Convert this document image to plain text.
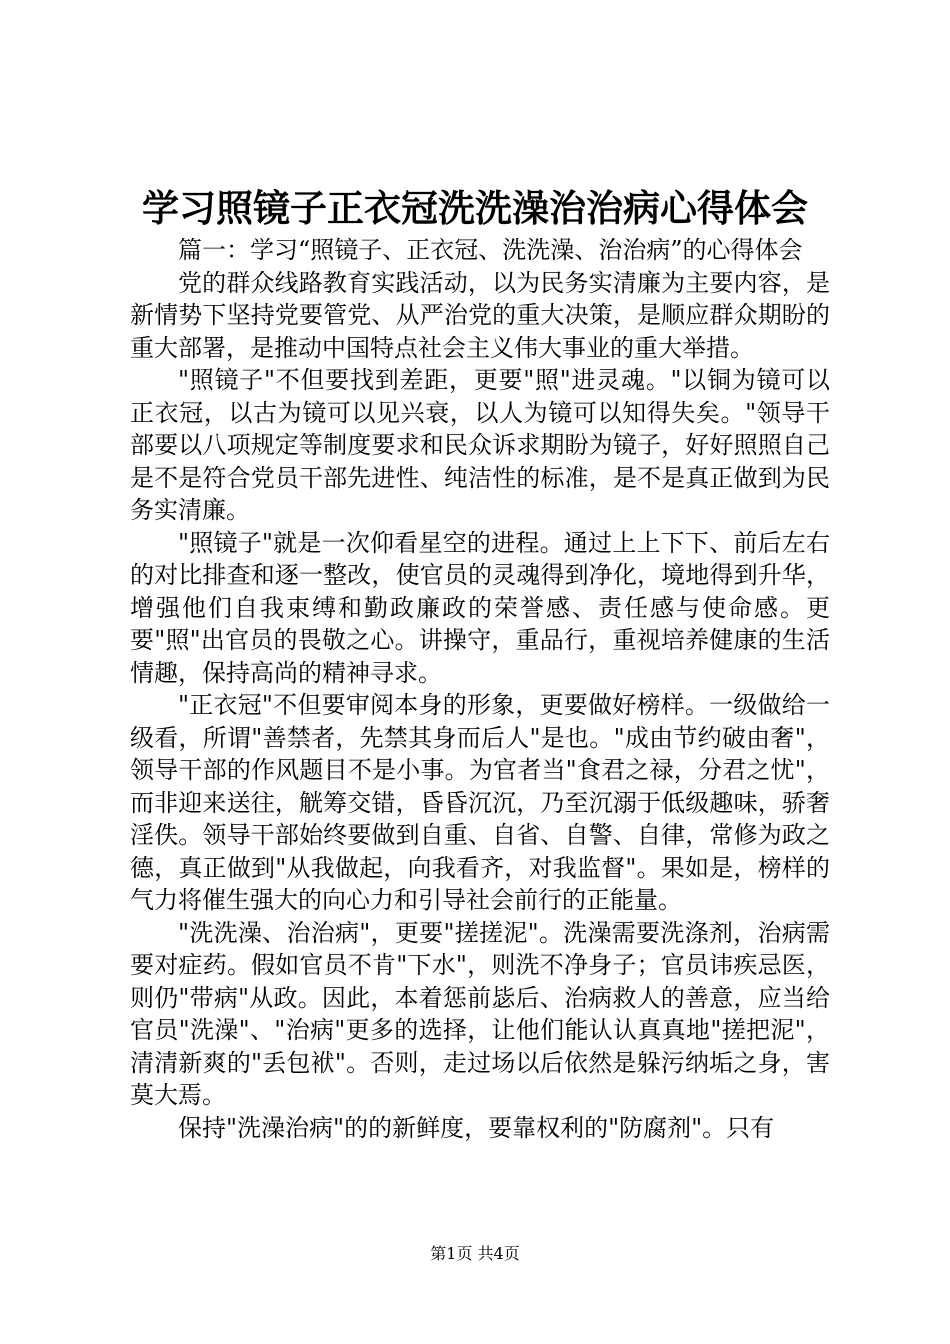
学习照镜子正衣冠洗洗澡治治病心得体会

篇一：学习“照镜子、正衣冠、洗洗澡、治治病”的心得体会

党的群众线路教育实践活动，以为民务实清廉为主要内容，是新情势下坚持党要管党、从严治党的重大决策，是顺应群众期盼的重大部署，是推动中国特点社会主义伟大事业的重大举措。

"照镜子"不但要找到差距，更要"照"进灵魂。"以铜为镜可以正衣冠，以古为镜可以见兴衰，以人为镜可以知得失矣。"领导干部要以八项规定等制度要求和民众诉求期盼为镜子，好好照照自己是不是符合党员干部先进性、纯洁性的标准，是不是真正做到为民务实清廉。

"照镜子"就是一次仰看星空的进程。通过上上下下、前后左右的对比排查和逐一整改，使官员的灵魂得到净化，境地得到升华，增强他们自我束缚和勤政廉政的荣誉感、责任感与使命感。更要"照"出官员的畏敬之心。讲操守，重品行，重视培养健康的生活情趣，保持高尚的精神寻求。

"正衣冠"不但要审阅本身的形象，更要做好榜样。一级做给一级看，所谓"善禁者，先禁其身而后人"是也。"成由节约破由奢"，领导干部的作风题目不是小事。为官者当"食君之禄，分君之忧"，而非迎来送往，觥筹交错，昏昏沉沉，乃至沉溺于低级趣味，骄奢淫佚。领导干部始终要做到自重、自省、自警、自律，常修为政之德，真正做到"从我做起，向我看齐，对我监督"。果如是，榜样的气力将催生强大的向心力和引导社会前行的正能量。

"洗洗澡、治治病"，更要"搓搓泥"。洗澡需要洗涤剂，治病需要对症药。假如官员不肯"下水"，则洗不净身子；官员讳疾忌医，则仍"带病"从政。因此，本着惩前毖后、治病救人的善意，应当给官员"洗澡"、"治病"更多的选择，让他们能认认真真地"搓把泥"，清清新爽的"丢包袱"。否则，走过场以后依然是躲污纳垢之身，害莫大焉。

保持"洗澡治病"的的新鲜度，要靠权利的"防腐剂"。只有

第1页 共4页
